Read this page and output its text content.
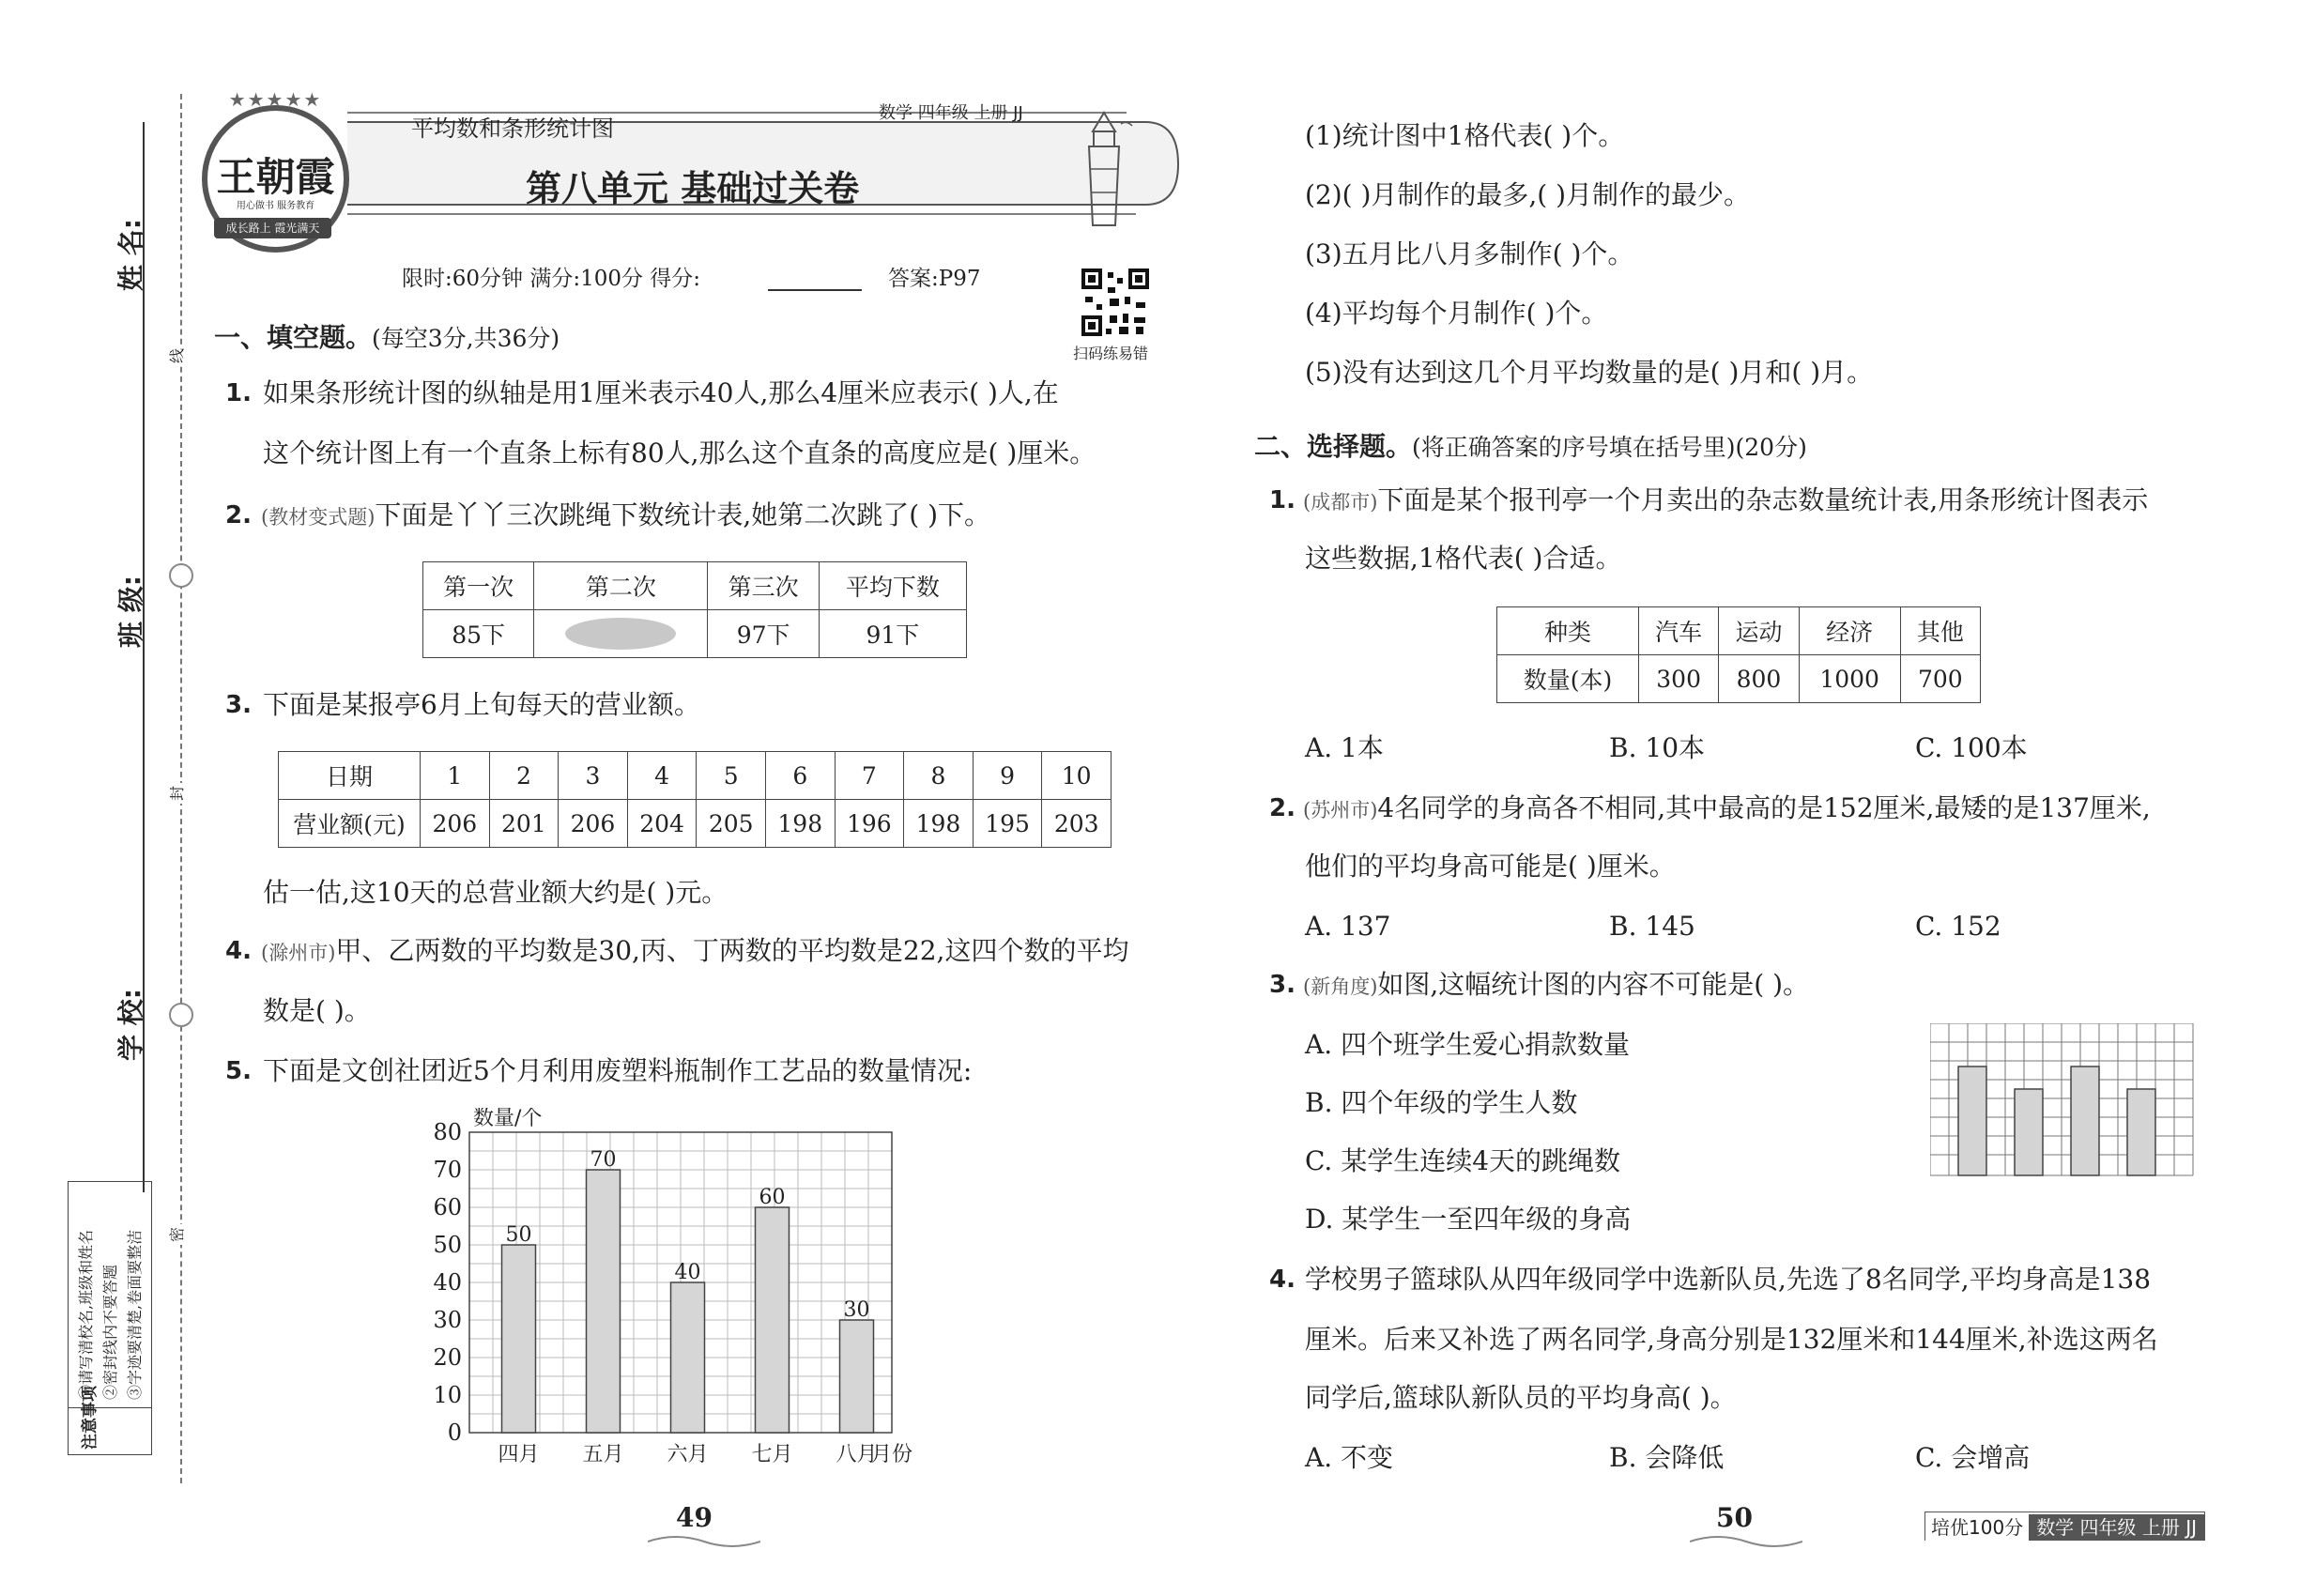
姓 名:
班 级:
学 校:
线
封
密
注意事项
①请写清校名,班级和姓名 ②密封线内不要答题 ③字迹要清楚,卷面要整洁
★★★★★
王朝霞
用心做书 服务教育
成长路上 霞光满天
平均数和条形统计图
数学 四年级 上册 JJ
第八单元 基础过关卷
限时:60分钟 满分:100分 得分:	答案:P97
扫码练易错
一、填空题。(每空3分,共36分)
1. 如果条形统计图的纵轴是用1厘米表示40人,那么4厘米应表示( )人,在
这个统计图上有一个直条上标有80人,那么这个直条的高度应是( )厘米。
2. (教材变式题)下面是丫丫三次跳绳下数统计表,她第二次跳了( )下。
第一次	第二次	第三次	平均下数
85下		97下	91下
3. 下面是某报亭6月上旬每天的营业额。
日期	1	2	3	4	5	6	7	8	9	10
营业额(元)	206	201	206	204	205	198	196	198	195	203
估一估,这10天的总营业额大约是( )元。
4. (滁州市)甲、乙两数的平均数是30,丙、丁两数的平均数是22,这四个数的平均
数是( )。
5. 下面是文创社团近5个月利用废塑料瓶制作工艺品的数量情况:
0
10
20
30
40
50
60
70
80
数量/个
50
四月
70
五月
40
六月
60
七月
30
八月
月份
(1)统计图中1格代表( )个。
(2)( )月制作的最多,( )月制作的最少。
(3)五月比八月多制作( )个。
(4)平均每个月制作( )个。
(5)没有达到这几个月平均数量的是( )月和( )月。
二、选择题。(将正确答案的序号填在括号里)(20分)
1. (成都市)下面是某个报刊亭一个月卖出的杂志数量统计表,用条形统计图表示
这些数据,1格代表( )合适。
种类	汽车	运动	经济	其他
数量(本)	300	800	1000	700
A. 1本	B. 10本	C. 100本
2. (苏州市)4名同学的身高各不相同,其中最高的是152厘米,最矮的是137厘米,
他们的平均身高可能是( )厘米。
A. 137	B. 145	C. 152
3. (新角度)如图,这幅统计图的内容不可能是( )。
A. 四个班学生爱心捐款数量
B. 四个年级的学生人数
C. 某学生连续4天的跳绳数
D. 某学生一至四年级的身高
4. 学校男子篮球队从四年级同学中选新队员,先选了8名同学,平均身高是138
厘米。后来又补选了两名同学,身高分别是132厘米和144厘米,补选这两名
同学后,篮球队新队员的平均身高( )。
A. 不变	B. 会降低	C. 会增高
49	50	培优100分 数学 四年级 上册 JJ
